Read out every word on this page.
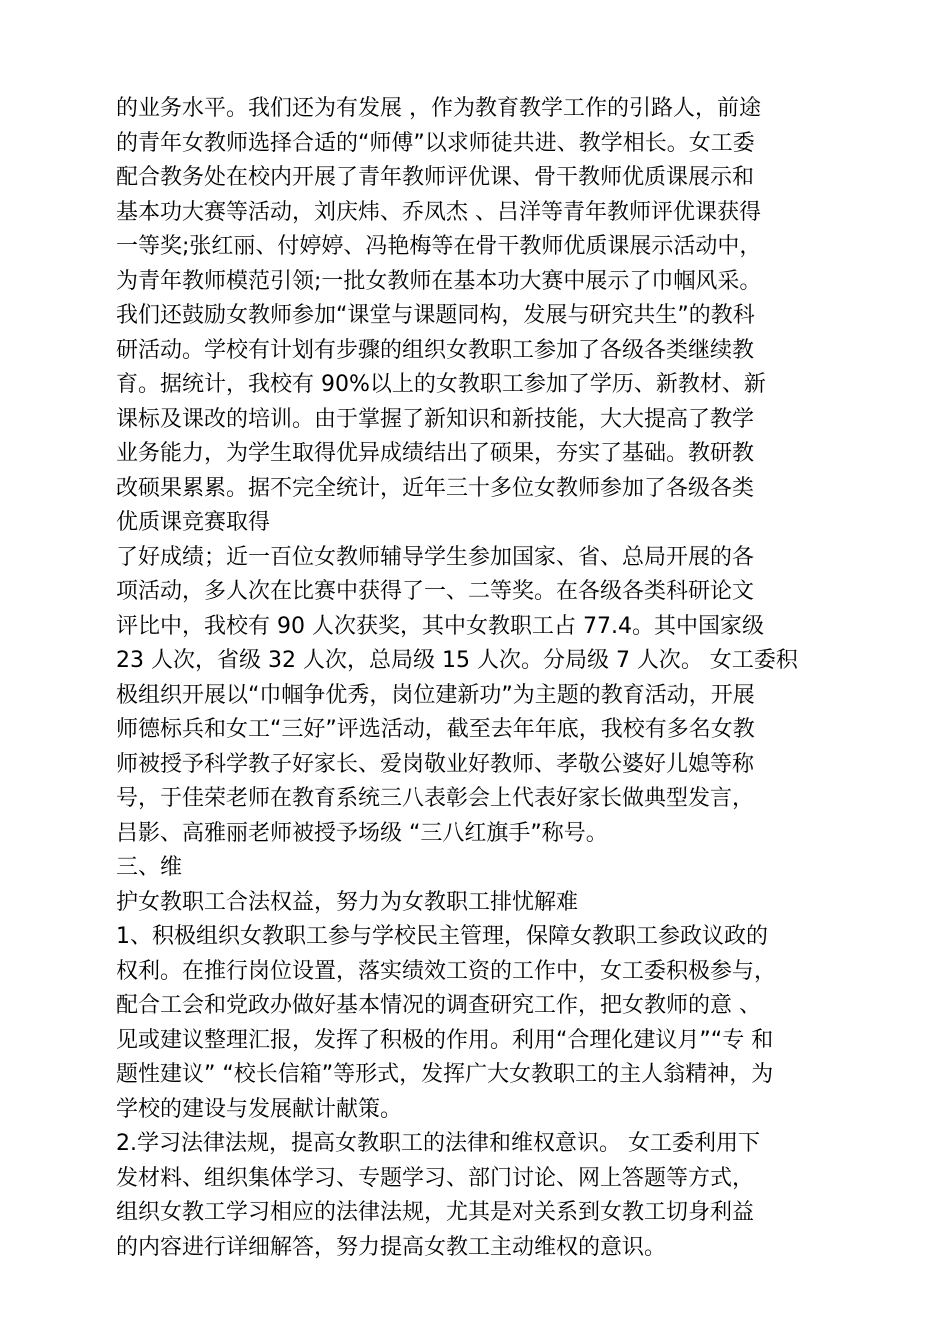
的业务水平。我们还为有发展 ，作为教育教学工作的引路人，前途
的青年女教师选择合适的“师傅”以求师徒共进、教学相长。女工委
配合教务处在校内开展了青年教师评优课、骨干教师优质课展示和
基本功大赛等活动，刘庆炜、乔凤杰 、吕洋等青年教师评优课获得
一等奖;张红丽、付婷婷、冯艳梅等在骨干教师优质课展示活动中，
为青年教师模范引领;一批女教师在基本功大赛中展示了巾帼风采。
我们还鼓励女教师参加“课堂与课题同构，发展与研究共生”的教科
研活动。学校有计划有步骤的组织女教职工参加了各级各类继续教
育。据统计，我校有 90%以上的女教职工参加了学历、新教材、新
课标及课改的培训。由于掌握了新知识和新技能，大大提高了教学
业务能力，为学生取得优异成绩结出了硕果，夯实了基础。教研教
改硕果累累。据不完全统计，近年三十多位女教师参加了各级各类
优质课竞赛取得
了好成绩；近一百位女教师辅导学生参加国家、省、总局开展的各
项活动，多人次在比赛中获得了一、二等奖。在各级各类科研论文
评比中，我校有 90 人次获奖，其中女教职工占 77.4。其中国家级
23 人次，省级 32 人次，总局级 15 人次。分局级 7 人次。 女工委积
极组织开展以“巾帼争优秀，岗位建新功”为主题的教育活动，开展
师德标兵和女工“三好”评选活动，截至去年年底，我校有多名女教
师被授予科学教子好家长、爱岗敬业好教师、孝敬公婆好儿媳等称
号，于佳荣老师在教育系统三八表彰会上代表好家长做典型发言，
吕影、高雅丽老师被授予场级 “三八红旗手”称号。
三、维
护女教职工合法权益，努力为女教职工排忧解难
1、积极组织女教职工参与学校民主管理，保障女教职工参政议政的
权利。在推行岗位设置，落实绩效工资的工作中，女工委积极参与，
配合工会和党政办做好基本情况的调查研究工作，把女教师的意 、
见或建议整理汇报，发挥了积极的作用。利用“合理化建议月”“专 和
题性建议” “校长信箱”等形式，发挥广大女教职工的主人翁精神，为
学校的建设与发展献计献策。
2.学习法律法规，提高女教职工的法律和维权意识。 女工委利用下
发材料、组织集体学习、专题学习、部门讨论、网上答题等方式，
组织女教工学习相应的法律法规，尤其是对关系到女教工切身利益
的内容进行详细解答，努力提高女教工主动维权的意识。
